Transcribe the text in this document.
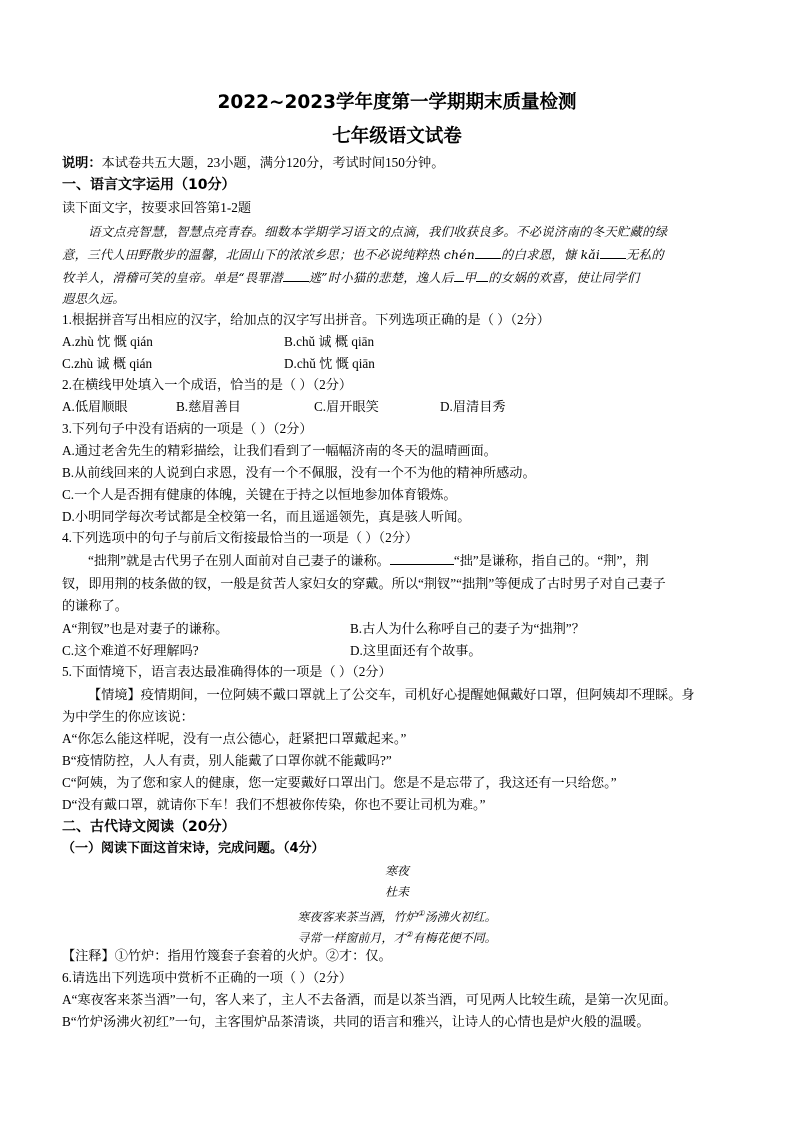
2022~2023学年度第一学期期末质量检测
七年级语文试卷
说明：本试卷共五大题，23小题，满分120分，考试时间150分钟。
一、语言文字运用（10分）
读下面文字，按要求回答第1-2题
语文点亮智慧，智慧点亮青春。细数本学期学习语文的点滴，我们收获良多。不必说济南的冬天贮藏的绿
意，三代人田野散步的温馨，北固山下的浓浓乡思；也不必说纯粹热 chén 的白求恩，慷 kǎi 无私的
牧羊人，滑稽可笑的皇帝。单是“畏罪潜 逃”时小猫的悲楚，逸人后 甲 的女娲的欢喜，使让同学们
遐思久远。
1.根据拼音写出相应的汉字，给加点的汉字写出拼音。下列选项正确的是（ ）（2分）
A.zhù 忱 慨 qián	B.chǔ 诚 概 qiān
C.zhù 诚 概 qián	D.chǔ 忱 慨 qiān
2.在横线甲处填入一个成语，恰当的是（ ）（2分）
A.低眉顺眼	B.慈眉善目	C.眉开眼笑	D.眉清目秀
3.下列句子中没有语病的一项是（ ）（2分）
A.通过老舍先生的精彩描绘，让我们看到了一幅幅济南的冬天的温晴画面。
B.从前线回来的人说到白求恩，没有一个不佩服，没有一个不为他的精神所感动。
C.一个人是否拥有健康的体魄，关键在于持之以恒地参加体育锻炼。
D.小明同学每次考试都是全校第一名，而且遥遥领先，真是骇人听闻。
4.下列选项中的句子与前后文衔接最恰当的一项是（ ）（2分）
“拙荆”就是古代男子在别人面前对自己妻子的谦称。	“拙”是谦称，指自己的。“荆”，荆
钗，即用荆的枝条做的钗，一般是贫苦人家妇女的穿戴。所以“荆钗”“拙荆”等便成了古时男子对自己妻子
的谦称了。
A“荆钗”也是对妻子的谦称。	B.古人为什么称呼自己的妻子为“拙荆”？
C.这个难道不好理解吗?	D.这里面还有个故事。
5.下面情境下，语言表达最准确得体的一项是（ ）（2分）
【情境】疫情期间，一位阿姨不戴口罩就上了公交车，司机好心提醒她佩戴好口罩，但阿姨却不理睬。身
为中学生的你应该说：
A“你怎么能这样呢，没有一点公德心，赶紧把口罩戴起来。”
B“疫情防控，人人有责，别人能戴了口罩你就不能戴吗?”
C“阿姨，为了您和家人的健康，您一定要戴好口罩出门。您是不是忘带了，我这还有一只给您。”
D“没有戴口罩，就请你下车！我们不想被你传染，你也不要让司机为难。”
二、古代诗文阅读（20分）
（一）阅读下面这首宋诗，完成问题。（4分）
寒夜
杜耒
寒夜客来茶当酒，竹炉①汤沸火初红。
寻常一样窗前月，才②有梅花便不同。
【注释】①竹炉：指用竹篾套子套着的火炉。②才：仅。
6.请选出下列选项中赏析不正确的一项（ ）（2分）
A“寒夜客来茶当酒”一句，客人来了，主人不去备酒，而是以茶当酒，可见两人比较生疏，是第一次见面。
B“竹炉汤沸火初红”一句，主客围炉品茶清谈，共同的语言和雅兴，让诗人的心情也是炉火般的温暖。
